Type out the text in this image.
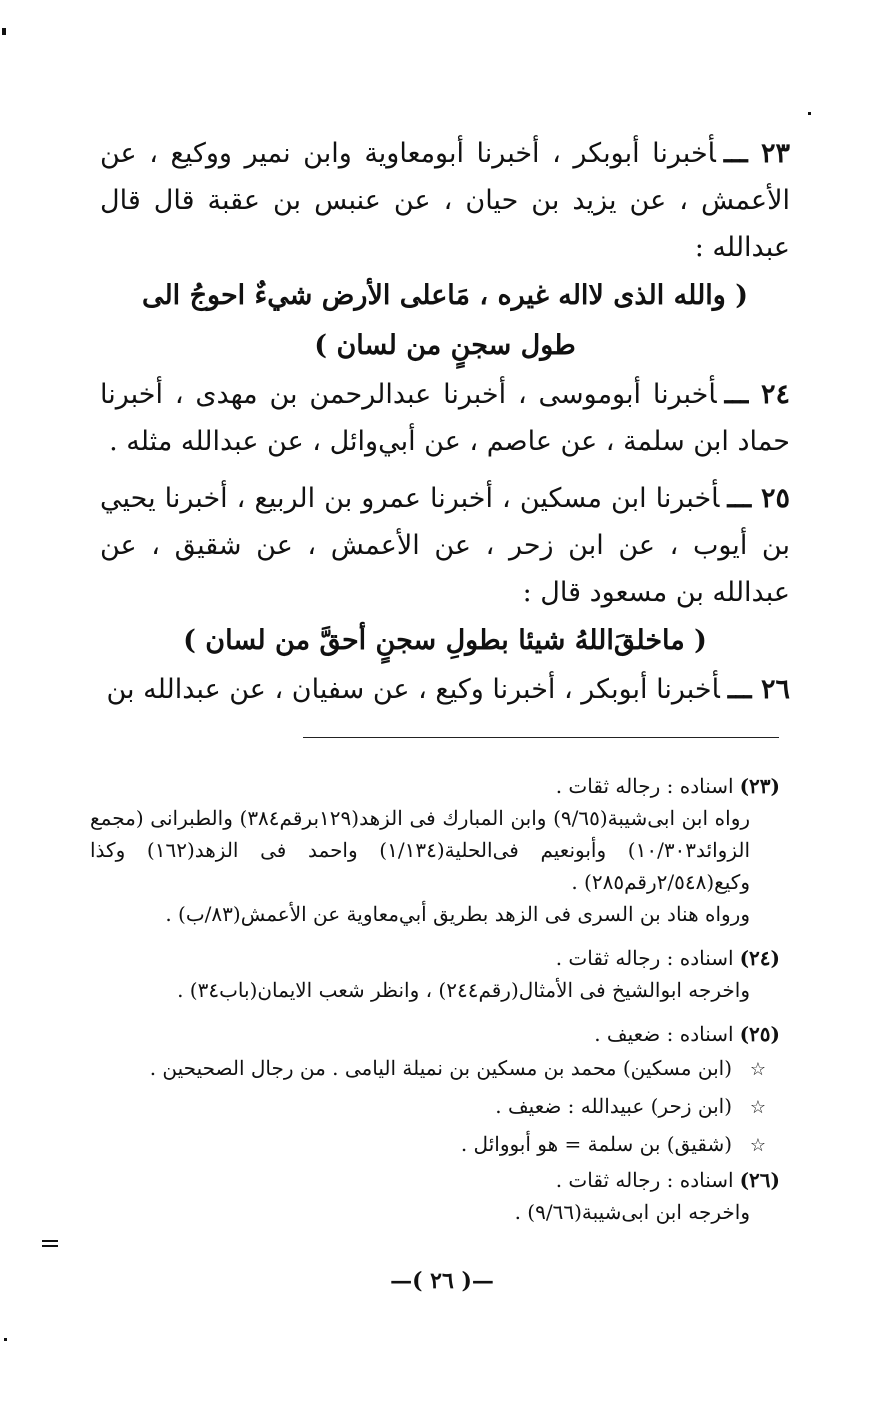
٢٣ ـــأخبرنا أبوبكر ، أخبرنا أبومعاوية وابن نمير ووكيع ، عن الأعمش ، عن يزيد بن حيان ، عن عنبس بن عقبة قال قال عبدالله :

( والله الذى لااله غيره ، مَاعلى الأرض شيءٌ احوجُ الى طول سجنٍ من لسان )

٢٤ ـــأخبرنا أبوموسى ، أخبرنا عبدالرحمن بن مهدى ، أخبرنا حماد ابن سلمة ، عن عاصم ، عن أبي‌وائل ، عن عبدالله مثله .

٢٥ ـــأخبرنا ابن مسكين ، أخبرنا عمرو بن الربيع ، أخبرنا يحيي بن أيوب ، عن ابن زحر ، عن الأعمش ، عن شقيق ، عن عبدالله بن مسعود قال :

( ماخلقَ‌اللهُ شيئا بطولِ سجنٍ أحقَّ من لسان )

٢٦ ـــأخبرنا أبوبكر ، أخبرنا وكيع ، عن سفيان ، عن عبدالله بن

(٢٣)اسناده : رجاله ثقات .

رواه ابن ابى‌شيبة(٩/٦٥) وابن المبارك فى الزهد(١٢٩برقم٣٨٤) والطبرانى (مجمع الزوائد١٠/٣٠٣) وأبونعيم فى‌الحلية(١/١٣٤) واحمد فى الزهد(١٦٢) وكذا وكيع(٢/٥٤٨رقم٢٨٥) .

ورواه هناد بن السرى فى الزهد بطريق أبي‌معاوية عن الأعمش(٨٣/ب) .

(٢٤)اسناده : رجاله ثقات .

واخرجه ابوالشيخ فى الأمثال(رقم٢٤٤) ، وانظر شعب الايمان(باب٣٤) .

(٢٥)اسناده : ضعيف .

☆(ابن مسكين) محمد بن مسكين بن نميلة اليامى . من رجال الصحيحين .

☆(ابن زحر) عبيدالله : ضعيف .

☆(شقيق) بن سلمة = هو أبووائل .

(٢٦)اسناده : رجاله ثقات .

واخرجه ابن ابى‌شيبة(٩/٦٦) .

—( ٢٦ )—
